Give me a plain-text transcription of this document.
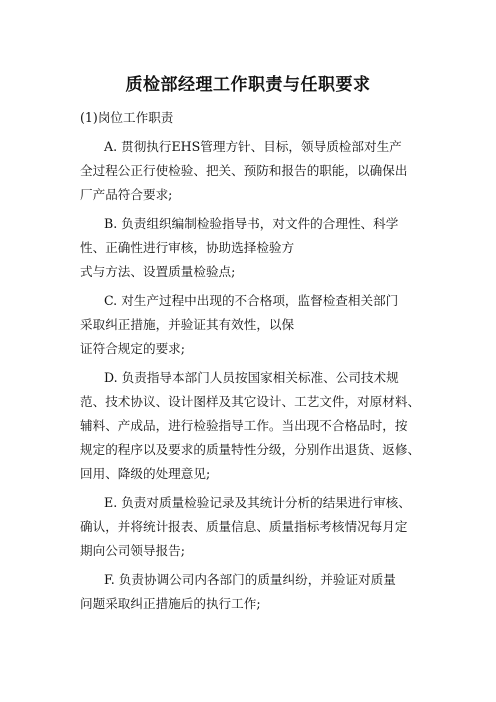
质检部经理工作职责与任职要求
(1)岗位工作职责
A. 贯彻执行EHS管理方针、目标，领导质检部对生产
全过程公正行使检验、把关、预防和报告的职能，以确保出
厂产品符合要求;
B. 负责组织编制检验指导书，对文件的合理性、科学
性、正确性进行审核，协助选择检验方
式与方法、设置质量检验点;
C. 对生产过程中出现的不合格项，监督检查相关部门
采取纠正措施，并验证其有效性，以保
证符合规定的要求;
D. 负责指导本部门人员按国家相关标准、公司技术规
范、技术协议、设计图样及其它设计、工艺文件，对原材料、
辅料、产成品，进行检验指导工作。当出现不合格品时，按
规定的程序以及要求的质量特性分级，分别作出退货、返修、
回用、降级的处理意见;
E. 负责对质量检验记录及其统计分析的结果进行审核、
确认，并将统计报表、质量信息、质量指标考核情况每月定
期向公司领导报告;
F. 负责协调公司内各部门的质量纠纷，并验证对质量
问题采取纠正措施后的执行工作;
